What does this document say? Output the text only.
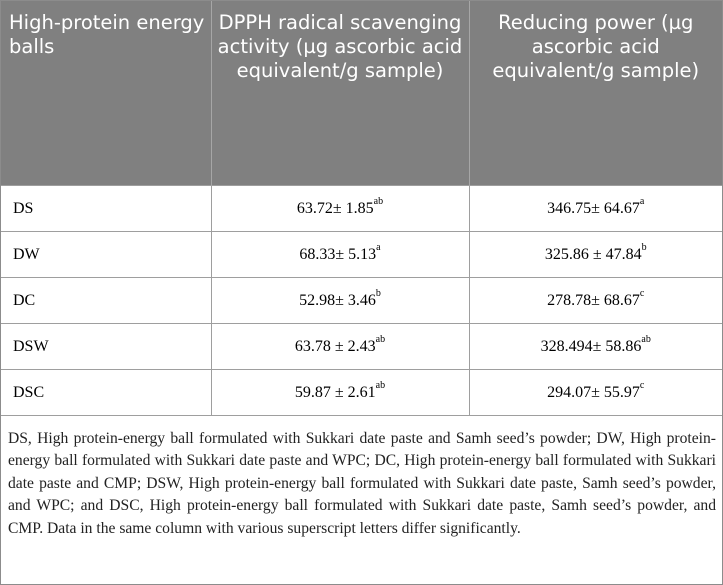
High-protein energy balls	DPPH radical scavenging activity (µg ascorbic acid equivalent/g sample)	Reducing power (µg ascorbic acid equivalent/g sample)
DS	63.72± 1.85$^{ab}$	346.75± 64.67$^a$
DW	68.33± 5.13$^a$	325.86 ± 47.84$^b$
DC	52.98± 3.46$^b$	278.78± 68.67$^c$
DSW	63.78 ± 2.43$^{ab}$	328.494± 58.86$^{ab}$
DSC	59.87 ± 2.61$^{ab}$	294.07± 55.97$^c$

DS, High protein-energy ball formulated with Sukkari date paste and Samh seed’s powder; DW, High protein-energy ball formulated with Sukkari date paste and WPC; DC, High protein-energy ball formulated with Sukkari date paste and CMP; DSW, High protein-energy ball formulated with Sukkari date paste, Samh seed’s powder, and WPC; and DSC, High protein-energy ball formulated with Sukkari date paste, Samh seed’s powder, and CMP. Data in the same column with various superscript letters differ significantly.
